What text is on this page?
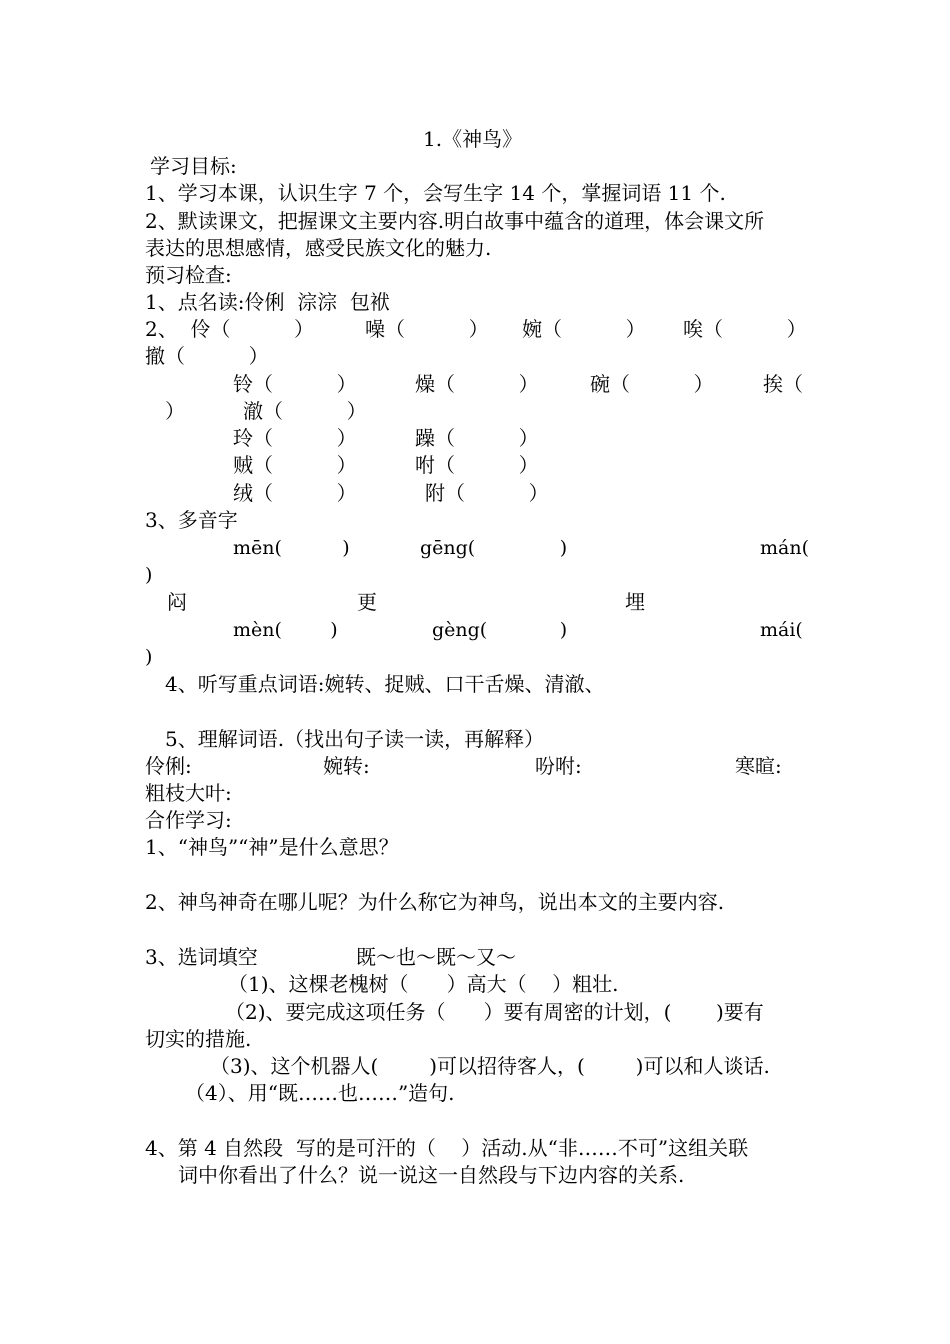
1.《神鸟》
学习目标:
1、学习本课，认识生字 7 个，会写生字 14 个，掌握词语 11 个.
2、默读课文，把握课文主要内容.明白故事中蕴含的道理，体会课文所
表达的思想感情，感受民族文化的魅力.
预习检查:
1、点名读:伶俐  淙淙  包袱
2、  伶（          ）	噪（          ） 婉（          ） 唉（          ）
撤（          ）
铃（          ）	燥（          ）	碗（          ） 挨（
）	澈（          ）
玲（          ）	躁（          ）
贼（          ）	咐（          ）
绒（          ）	附（          ）
3、多音字
mēn(          )	gēng(              )	mán(
)
闷	更	埋
mèn(        )	gèng(            )	mái(
)
4、听写重点词语:婉转、捉贼、口干舌燥、清澈、
5、理解词语.（找出句子读一读，再解释）
伶俐:	婉转:	吩咐:	寒暄:
粗枝大叶:
合作学习:
1、“神鸟”“神”是什么意思？
2、神鸟神奇在哪儿呢？为什么称它为神鸟，说出本文的主要内容.
3、选词填空	既～也～既～又～
（1)、这棵老槐树（      ）高大（    ）粗壮.
（2)、要完成这项任务（      ）要有周密的计划，(       )要有
切实的措施.
（3)、这个机器人(        )可以招待客人，(        )可以和人谈话.
（4）、用“既……也……”造句.
4、第 4 自然段  写的是可汗的（    ）活动.从“非……不可”这组关联
词中你看出了什么？说一说这一自然段与下边内容的关系.
